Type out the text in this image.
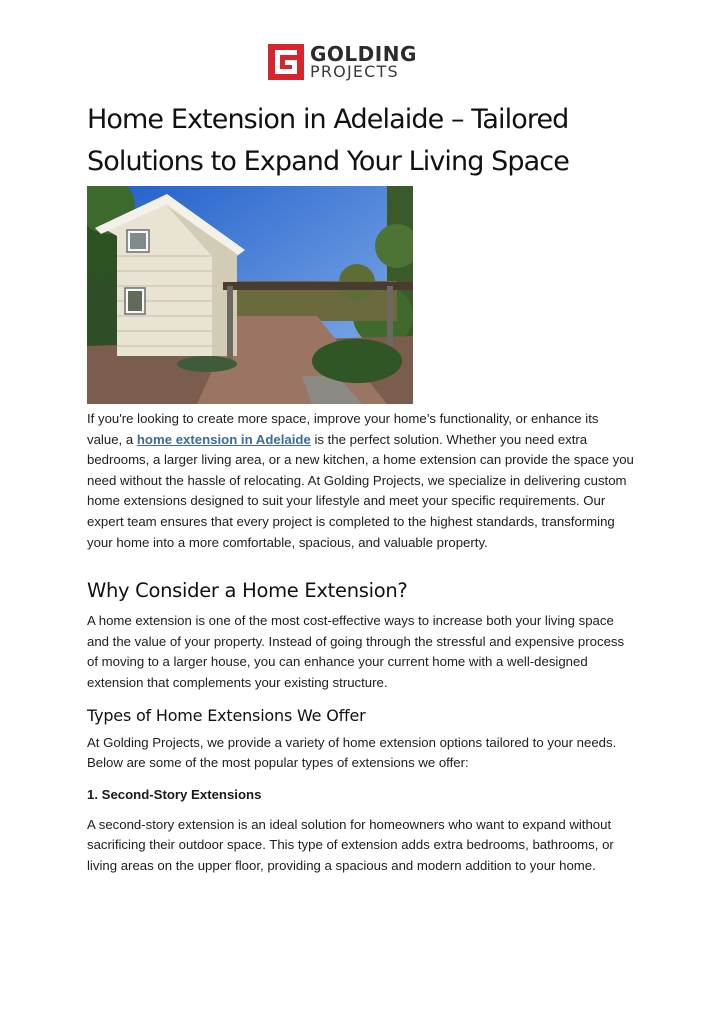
GOLDING
PROJECTS
Home Extension in Adelaide – Tailored Solutions to Expand Your Living Space

If you're looking to create more space, improve your home’s functionality, or enhance its value, a home extension in Adelaide is the perfect solution. Whether you need extra bedrooms, a larger living area, or a new kitchen, a home extension can provide the space you need without the hassle of relocating. At Golding Projects, we specialize in delivering custom home extensions designed to suit your lifestyle and meet your specific requirements. Our expert team ensures that every project is completed to the highest standards, transforming your home into a more comfortable, spacious, and valuable property.

Why Consider a Home Extension?

A home extension is one of the most cost-effective ways to increase both your living space and the value of your property. Instead of going through the stressful and expensive process of moving to a larger house, you can enhance your current home with a well-designed extension that complements your existing structure.

Types of Home Extensions We Offer

At Golding Projects, we provide a variety of home extension options tailored to your needs. Below are some of the most popular types of extensions we offer:

1. Second-Story Extensions

A second-story extension is an ideal solution for homeowners who want to expand without sacrificing their outdoor space. This type of extension adds extra bedrooms, bathrooms, or living areas on the upper floor, providing a spacious and modern addition to your home.
